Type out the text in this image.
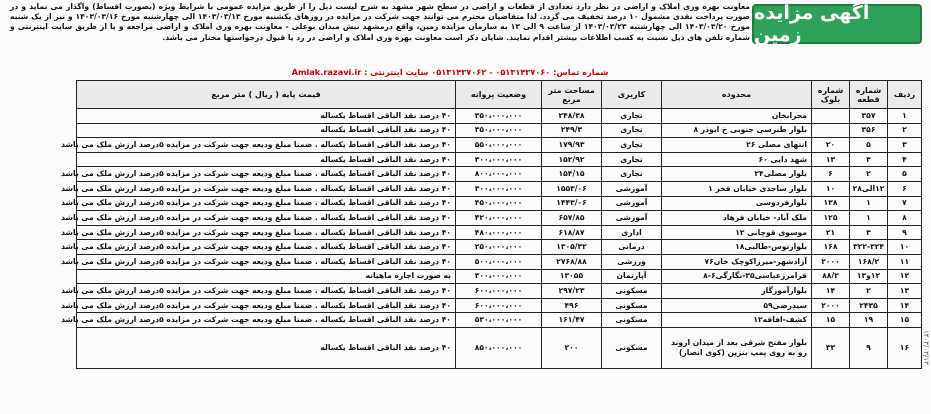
آگهی مزایده زمین
معاونت بهره وری املاک و اراضی در نظر دارد تعدادی از قطعات و اراضی در سطح شهر مشهد به شرح لیست ذیل را از طریق مزایده عمومی با شرایط ویژه (بصورت اقساط) واگذار می نماید و در صورت پرداخت نقدی مشمول ۱۰ درصد تخفیف می گردد. لذا متقاضیان محترم می توانند جهت شرکت در مزایده در روزهای یکشنبه مورخ ۱۴۰۳/۰۳/۱۳ الی چهارشنبه مورخ ۱۴۰۳/۰۳/۱۶ و نیز از یک شنبه مورخ ۱۴۰۳/۰۳/۲۰ الی چهارشنبه ۱۴۰۳/۰۳/۲۳ از ساعت ۹ الی ۱۳ به سازمان مزایده زمین، واقع درمشهد نبش میدان بوعلی - معاونت بهره وری املاک و اراضی مراجعه و یا از طریق سایت اینترنتی و شماره تلفن های ذیل نسبت به کسب اطلاعات بیشتر اقدام نمایند. شایان ذکر است معاونت بهره وری املاک و اراضی در رد یا قبول درخواستها مختار می باشد.
شماره تماس: ۰۵۱۳۱۴۳۷۰۶۰ - ۰۵۱۳۱۴۳۷۰۶۲ سایت اینترنتی : Amlak.razavi.ir
ردیف	شماره قطعه	شماره بلوک	محدوده	کاربری	مساحت متر مربع	وضعیت پروانه	قیمت پایه ( ریال ) متر مربع
۱	۳۵۷		محرابخان	تجاری	۲۴۸/۳۸	۳۵۰،۰۰۰،۰۰۰	۴۰ درصد نقد الباقی اقساط یکساله
۲	۳۵۶		بلوار طبرسی جنوبی خ ابوذر ۸	تجاری	۲۴۹/۳	۳۵۰،۰۰۰،۰۰۰	۴۰ درصد نقد الباقی اقساط یکساله
۳	۵	۲۰	انتهای مصلی ۲۶	تجاری	۱۷۹/۹۳	۵۵۰،۰۰۰،۰۰۰	۴۰ درصد نقد الباقی اقساط یکساله . ضمنا مبلغ ودیعه جهت شرکت در مزایده ۵درصد ارزش ملک می باشد
۴	۳	۱۳	شهد دایی ۶۰	تجاری	۱۵۲/۹۲	۳۰۰،۰۰۰،۰۰۰	۴۰ درصد نقد الباقی اقساط یکساله
۵	۲	۶	بلوار مصلی۲۴	تجاری	۱۵۴/۱۵	۸۰۰،۰۰۰،۰۰۰	۴۰ درصد نقد الباقی اقساط یکساله . ضمنا مبلغ ودیعه جهت شرکت در مزایده ۵درصد ارزش ملک می باشد
۶	۱۲الی۲۸	۱۰	بلوار ساجدی خیابان فخر ۱	آموزشی	۱۵۵۳/۰۶	۳۰۰،۰۰۰،۰۰۰	۴۰ درصد نقد الباقی اقساط یکساله . ضمنا مبلغ ودیعه جهت شرکت در مزایده ۵درصد ارزش ملک می باشد
۷	۱	۱۳۸	بلوارفردوسی	آموزشی	۱۴۴۳/۰۶	۴۵۰،۰۰۰،۰۰۰	۴۰ درصد نقد الباقی اقساط یکساله . ضمنا مبلغ ودیعه جهت شرکت در مزایده ۵درصد ارزش ملک می باشد
۸	۱	۱۲۵	ملک آباد- خیابان فرهاد	آموزشی	۶۵۷/۸۵	۴۲۰،۰۰۰،۰۰۰	۴۰ درصد نقد الباقی اقساط یکساله . ضمنا مبلغ ودیعه جهت شرکت در مزایده ۵درصد ارزش ملک می باشد
۹	۳	۲۱	موسوی قوچانی ۱۲	اداری	۶۱۸/۸۷	۴۸۰،۰۰۰،۰۰۰	۴۰ درصد نقد الباقی اقساط یکساله . ضمنا مبلغ ودیعه جهت شرکت در مزایده ۵درصد ارزش ملک می باشد
۱۰	۳۲۲-۳۲۴	۱۶۸	بلوارتوس-طالبی۱۸	درمانی	۱۳۰۵/۳۲	۲۵۰،۰۰۰،۰۰۰	۴۰ درصد نقد الباقی اقساط یکساله . ضمنا مبلغ ودیعه جهت شرکت در مزایده ۵درصد ارزش ملک می باشد
۱۱	۱۶۸/۲	۲۰۰۰	آزادشهر-میرزاکوچک خان۷۶	ورزشی	۲۷۶۸/۸۸	۵۰۰،۰۰۰،۰۰۰	۴۰ درصد نقد الباقی اقساط یکساله . ضمنا مبلغ ودیعه جهت شرکت در مزایده ۵درصد ارزش ملک می باشد
۱۲	۱۲و۱۳	۸۸/۲	قرامرزعباسی۳۵-نگارگی۶-۸	آپارتمان	۱۳۰۵۵	۳۰۰،۰۰۰،۰۰۰	به صورت اجاره ماهیانه
۱۳	۲	۱۴	بلوارآموزگار	مسکونی	۲۹۷/۲۳	۶۰۰،۰۰۰،۰۰۰	۴۰ درصد نقد الباقی اقساط یکساله . ضمنا مبلغ ودیعه جهت شرکت در مزایده ۵درصد ارزش ملک می باشد
۱۴	۲۴۳۵	۲۰۰۰	سیدرضی۵۹	مسکونی	۴۹۶	۶۰۰،۰۰۰،۰۰۰	۴۰ درصد نقد الباقی اقساط یکساله . ضمنا مبلغ ودیعه جهت شرکت در مزایده ۵درصد ارزش ملک می باشد
۱۵	۱۹	۱۵	کشف-افاقه۱۲	مسکونی	۱۶۱/۴۷	۵۳۰،۰۰۰،۰۰۰	۴۰ درصد نقد الباقی اقساط یکساله . ضمنا مبلغ ودیعه جهت شرکت در مزایده ۵درصد ارزش ملک می باشد
۱۶	۹	۳۳	بلوار مفتح شرقی بعد از میدان اروند رو به روی پمپ بنزین (کوی انصار)	مسکونی	۲۰۰	۸۵۰،۰۰۰،۰۰۰	۴۰ درصد نقد الباقی اقساط یکساله	۱۴۰۳/۰۳/۱۳
